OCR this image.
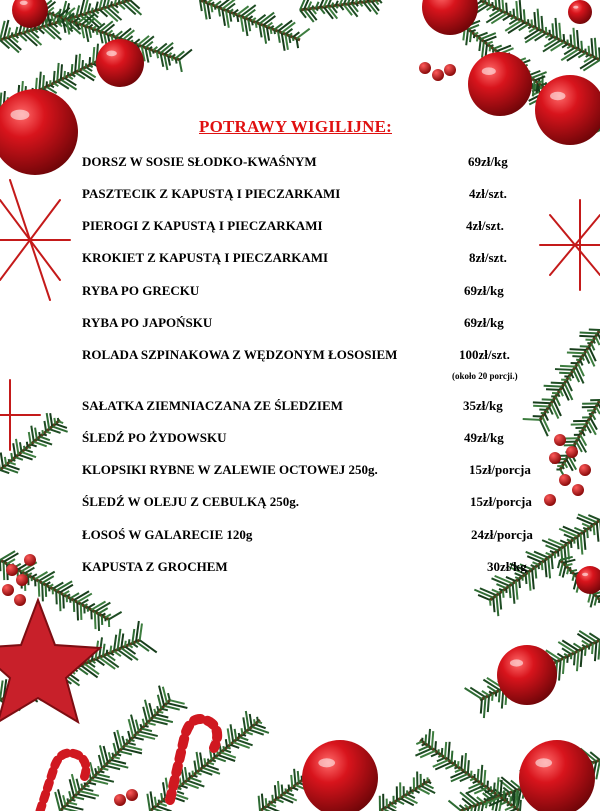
POTRAWY WIGILIJNE:
DORSZ W SOSIE SŁODKO-KWAŚNYM	69zł/kg
PASZTECIK Z KAPUSTĄ I PIECZARKAMI	4zł/szt.
PIEROGI Z KAPUSTĄ I PIECZARKAMI	4zł/szt.
KROKIET Z KAPUSTĄ I PIECZARKAMI	8zł/szt.
RYBA PO GRECKU	69zł/kg
RYBA PO JAPOŃSKU	69zł/kg
ROLADA SZPINAKOWA Z WĘDZONYM ŁOSOSIEM	100zł/szt.
SAŁATKA ZIEMNIACZANA ZE ŚLEDZIEM	35zł/kg
ŚLEDŹ PO ŻYDOWSKU	49zł/kg
KLOPSIKI RYBNE W ZALEWIE OCTOWEJ 250g.	15zł/porcja
ŚLEDŹ W OLEJU Z CEBULKĄ 250g.	15zł/porcja
ŁOSOŚ W GALARECIE 120g	24zł/porcja
KAPUSTA Z GROCHEM	30zł/kg
(około 20 porcji.)
